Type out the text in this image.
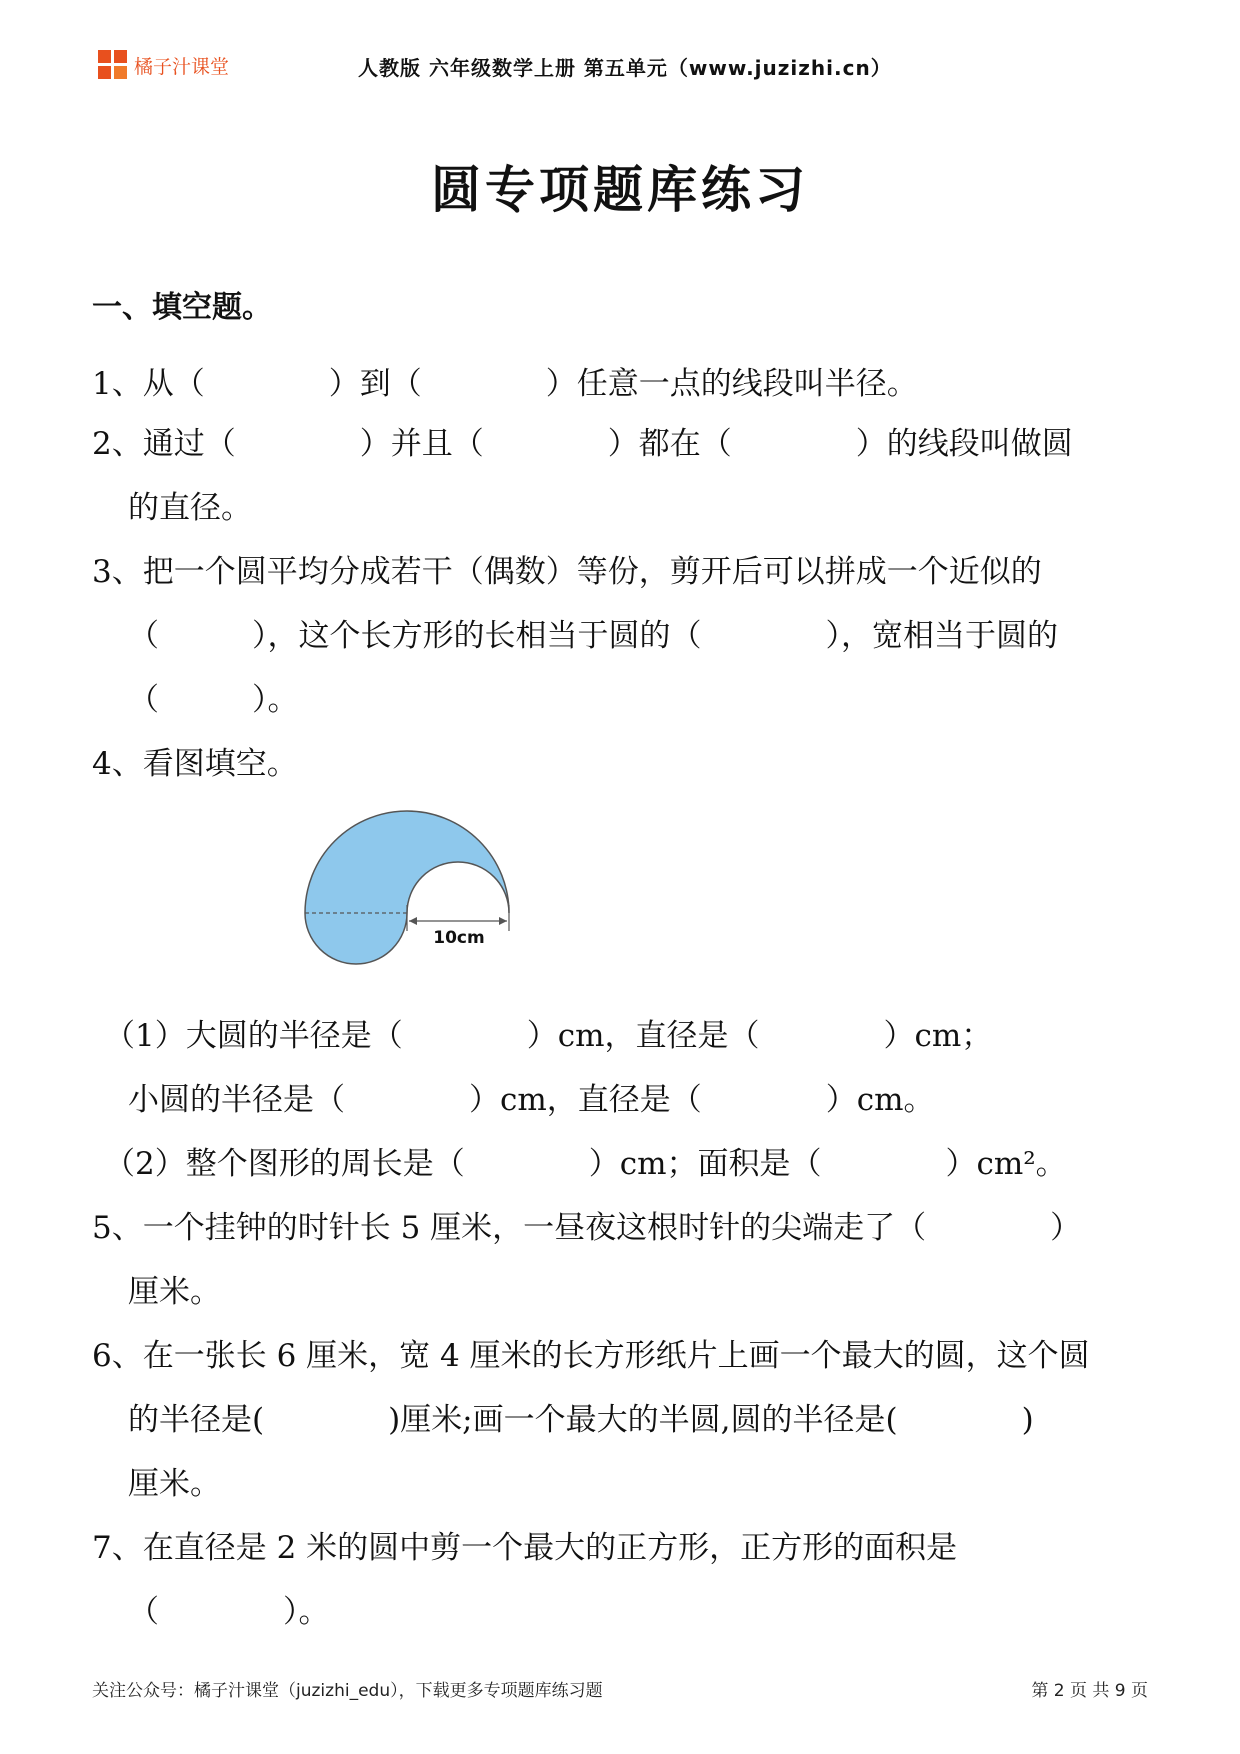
橘子汁课堂	人教版 六年级数学上册 第五单元（www.juzizhi.cn）
圆专项题库练习
一、填空题。
1、从（　　　　）到（　　　　）任意一点的线段叫半径。
2、通过（　　　　）并且（　　　　）都在（　　　　）的线段叫做圆
的直径。
3、把一个圆平均分成若干（偶数）等份，剪开后可以拼成一个近似的
（　　　），这个长方形的长相当于圆的（　　　　），宽相当于圆的
（　　　）。
4、看图填空。
10cm
（1）大圆的半径是（　　　　）cm，直径是（　　　　）cm；
小圆的半径是（　　　　）cm，直径是（　　　　）cm。
（2）整个图形的周长是（　　　　）cm；面积是（　　　　）cm²。
5、一个挂钟的时针长 5 厘米，一昼夜这根时针的尖端走了（　　　　）
厘米。
6、在一张长 6 厘米，宽 4 厘米的长方形纸片上画一个最大的圆，这个圆
的半径是(　　　　)厘米;画一个最大的半圆,圆的半径是(　　　　)
厘米。
7、在直径是 2 米的圆中剪一个最大的正方形，正方形的面积是
（　　　　）。
关注公众号：橘子汁课堂（juzizhi_edu），下载更多专项题库练习题	第 2 页 共 9 页
